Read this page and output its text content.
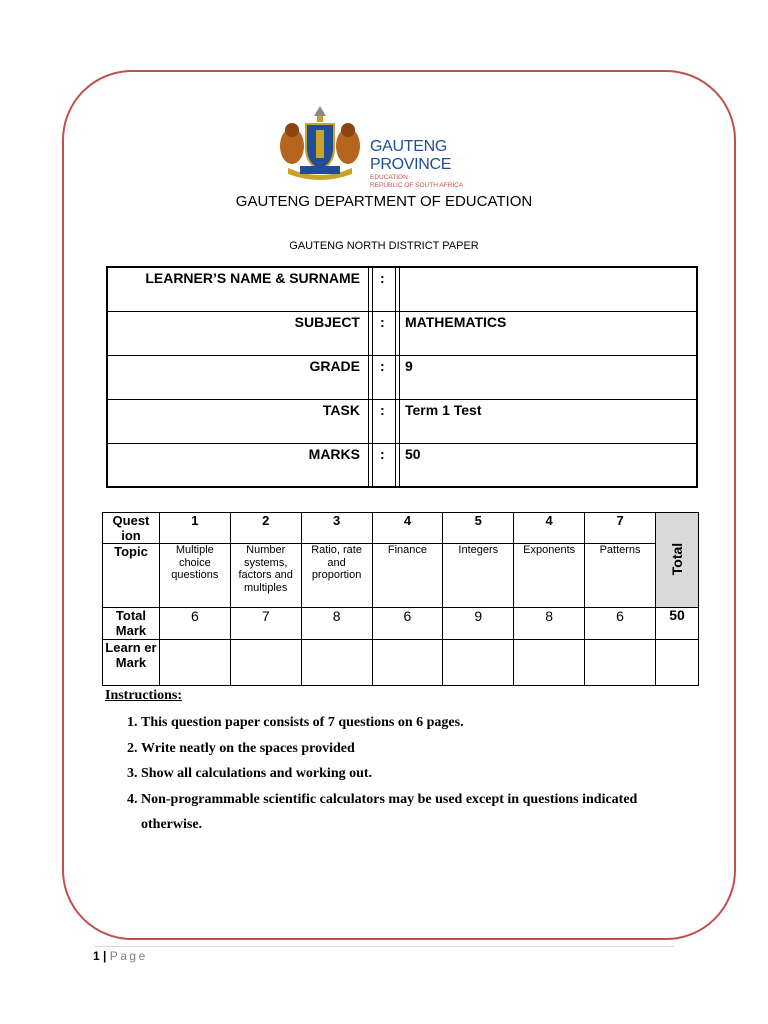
GAUTENG PROVINCE
EDUCATION
REPUBLIC OF SOUTH AFRICA
GAUTENG DEPARTMENT OF EDUCATION
GAUTENG NORTH DISTRICT PAPER
LEARNER’S NAME & SURNAME :
SUBJECT : MATHEMATICS
GRADE : 9
TASK : Term 1 Test
MARKS : 50
Quest ion	1	2	3	4	5	4	7	Total
Topic	Multiple choice questions	Number systems, factors and multiples	Ratio, rate and proportion	Finance	Integers	Exponents	Patterns	
Total Mark	6	7	8	6	9	8	6	50
Learn er Mark								
Instructions:
1. This question paper consists of 7 questions on 6 pages.
2. Write neatly on the spaces provided
3. Show all calculations and working out.
4. Non-programmable scientific calculators may be used except in questions indicated otherwise.
1 | Page
